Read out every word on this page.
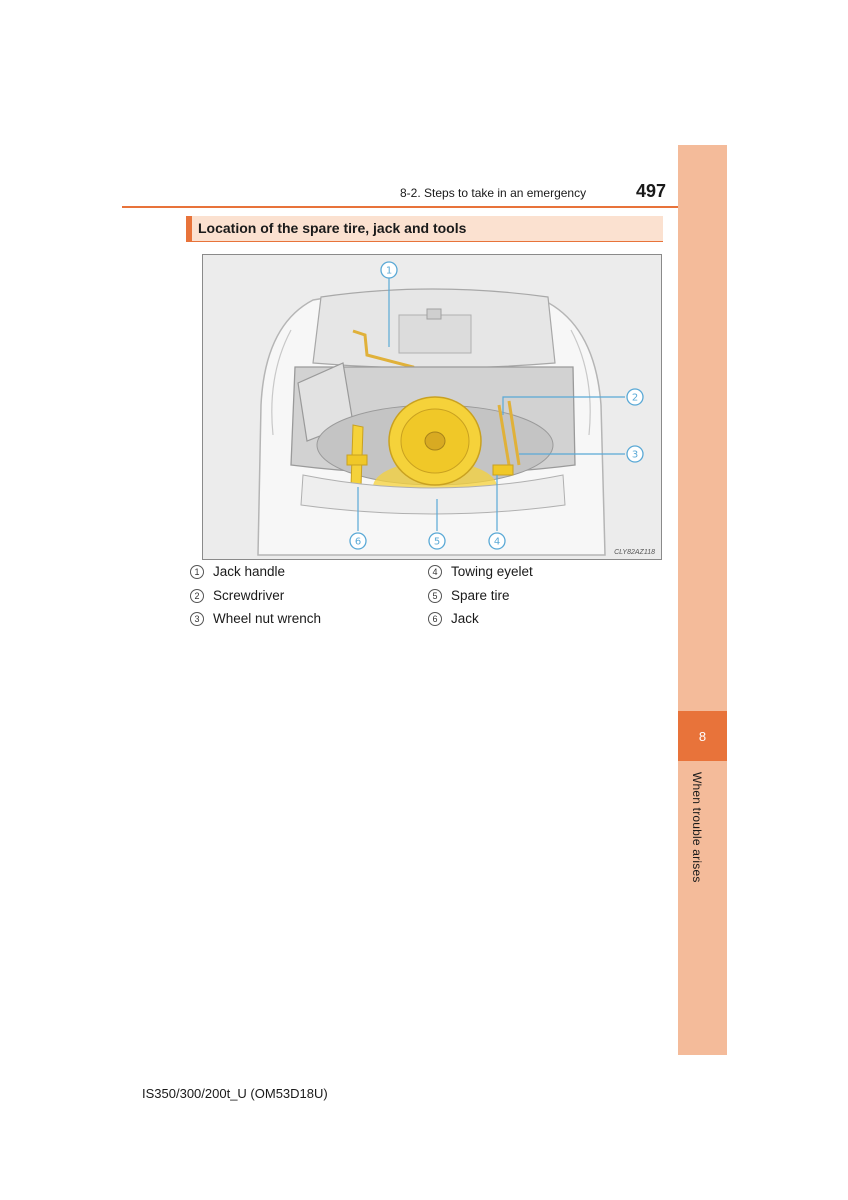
8
When trouble arises
8-2. Steps to take in an emergency	497
Location of the spare tire, jack and tools
1
2
3
4
5
6
CLY82AZ118
1	Jack handle
2	Screwdriver
3	Wheel nut wrench
4	Towing eyelet
5	Spare tire
6	Jack
IS350/300/200t_U (OM53D18U)
